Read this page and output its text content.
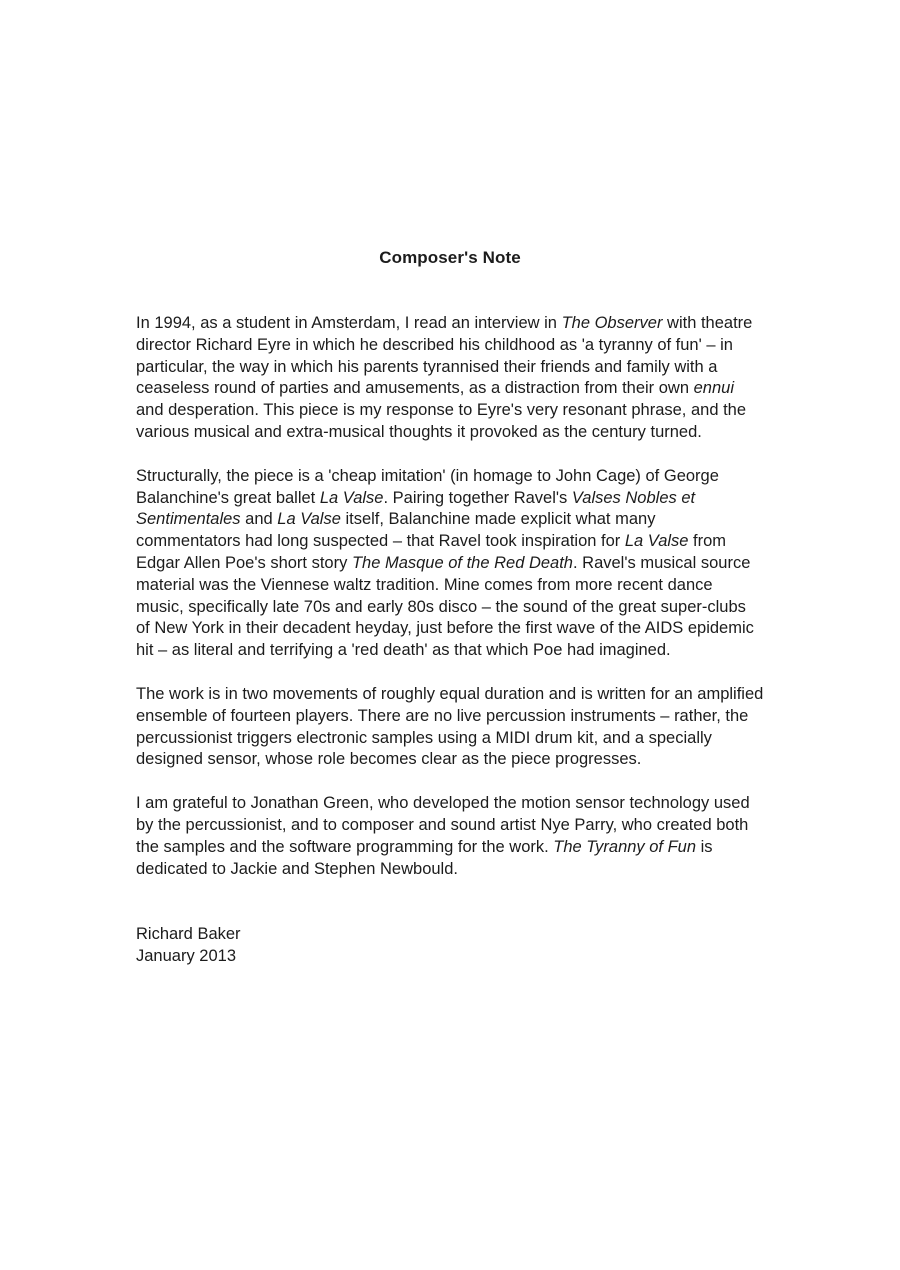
Composer's Note

In 1994, as a student in Amsterdam, I read an interview in The Observer with theatre director Richard Eyre in which he described his childhood as 'a tyranny of fun' – in particular, the way in which his parents tyrannised their friends and family with a ceaseless round of parties and amusements, as a distraction from their own ennui and desperation. This piece is my response to Eyre's very resonant phrase, and the various musical and extra-musical thoughts it provoked as the century turned.

Structurally, the piece is a 'cheap imitation' (in homage to John Cage) of George Balanchine's great ballet La Valse. Pairing together Ravel's Valses Nobles et Sentimentales and La Valse itself, Balanchine made explicit what many commentators had long suspected – that Ravel took inspiration for La Valse from Edgar Allen Poe's short story The Masque of the Red Death. Ravel's musical source material was the Viennese waltz tradition. Mine comes from more recent dance music, specifically late 70s and early 80s disco – the sound of the great super-clubs of New York in their decadent heyday, just before the first wave of the AIDS epidemic hit – as literal and terrifying a 'red death' as that which Poe had imagined.

The work is in two movements of roughly equal duration and is written for an amplified ensemble of fourteen players. There are no live percussion instruments – rather, the percussionist triggers electronic samples using a MIDI drum kit, and a specially designed sensor, whose role becomes clear as the piece progresses.

I am grateful to Jonathan Green, who developed the motion sensor technology used by the percussionist, and to composer and sound artist Nye Parry, who created both the samples and the software programming for the work. The Tyranny of Fun is dedicated to Jackie and Stephen Newbould.

Richard Baker
January 2013
